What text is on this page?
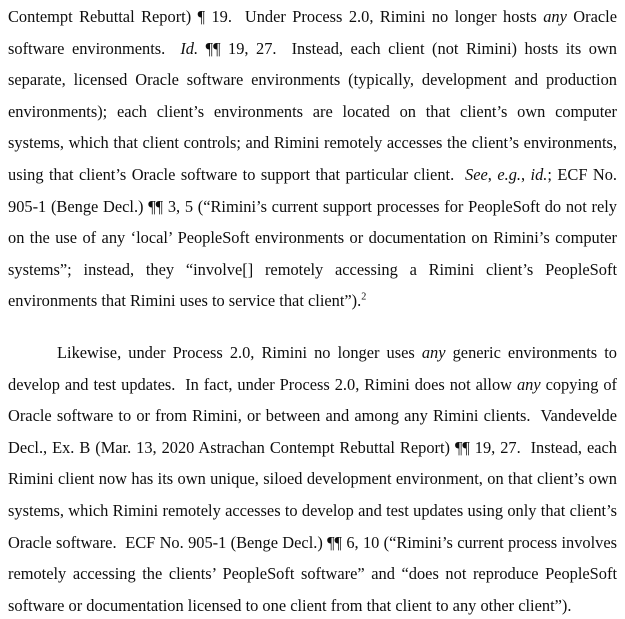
Contempt Rebuttal Report) ¶ 19.  Under Process 2.0, Rimini no longer hosts any Oracle software environments.  Id. ¶¶ 19, 27.  Instead, each client (not Rimini) hosts its own separate, licensed Oracle software environments (typically, development and production environments); each client’s environments are located on that client’s own computer systems, which that client controls; and Rimini remotely accesses the client’s environments, using that client’s Oracle software to support that particular client.  See, e.g., id.; ECF No. 905-1 (Benge Decl.) ¶¶ 3, 5 (“Rimini’s current support processes for PeopleSoft do not rely on the use of any ‘local’ PeopleSoft environments or documentation on Rimini’s computer systems”; instead, they “involve[] remotely accessing a Rimini client’s PeopleSoft environments that Rimini uses to service that client”).$^2$

Likewise, under Process 2.0, Rimini no longer uses any generic environments to develop and test updates.  In fact, under Process 2.0, Rimini does not allow any copying of Oracle software to or from Rimini, or between and among any Rimini clients.  Vandevelde Decl., Ex. B (Mar. 13, 2020 Astrachan Contempt Rebuttal Report) ¶¶ 19, 27.  Instead, each Rimini client now has its own unique, siloed development environment, on that client’s own systems, which Rimini remotely accesses to develop and test updates using only that client’s Oracle software.  ECF No. 905-1 (Benge Decl.) ¶¶ 6, 10 (“Rimini’s current process involves remotely accessing the clients’ PeopleSoft software” and “does not reproduce PeopleSoft software or documentation licensed to one client from that client to any other client”).
